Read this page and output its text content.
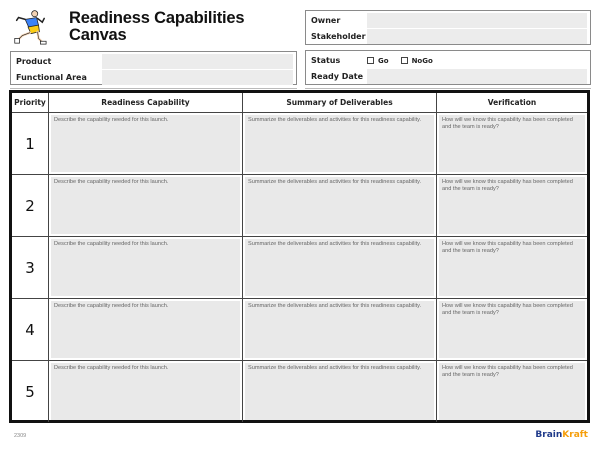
Readiness Capabilities
Canvas
Product
Functional Area
Owner
Stakeholder
Status	Go	NoGo
Ready Date
Priority	Readiness Capability	Summary of Deliverables	Verification
1
Describe the capability needed for this launch.	Summarize the deliverables and activities for this readiness capability.	How will we know this capability has been completed and the team is ready?
2
Describe the capability needed for this launch.	Summarize the deliverables and activities for this readiness capability.	How will we know this capability has been completed and the team is ready?
3
Describe the capability needed for this launch.	Summarize the deliverables and activities for this readiness capability.	How will we know this capability has been completed and the team is ready?
4
Describe the capability needed for this launch.	Summarize the deliverables and activities for this readiness capability.	How will we know this capability has been completed and the team is ready?
5
Describe the capability needed for this launch.	Summarize the deliverables and activities for this readiness capability.	How will we know this capability has been completed and the team is ready?
2309	BrainKraft
